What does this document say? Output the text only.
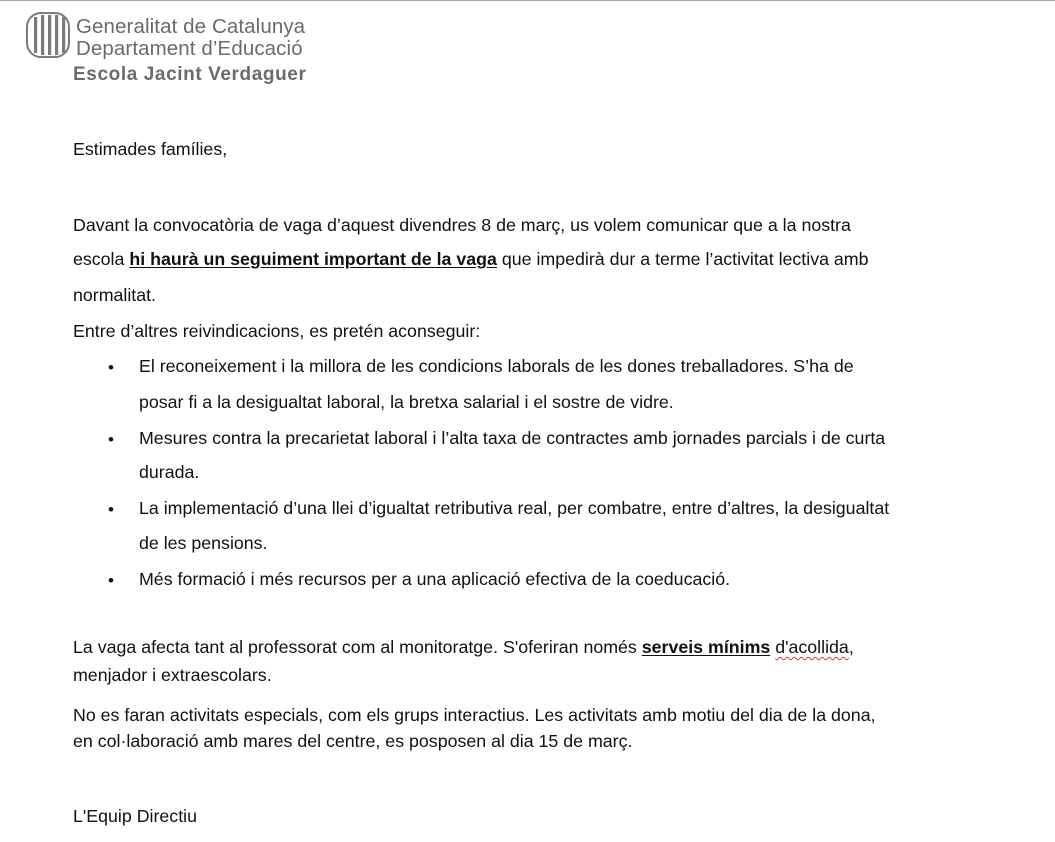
Generalitat de Catalunya
Departament d’Educació
Escola Jacint Verdaguer
Estimades famílies,
Davant la convocatòria de vaga d’aquest divendres 8 de març, us volem comunicar que a la nostra
escola hi haurà un seguiment important de la vaga que impedirà dur a terme l’activitat lectiva amb
normalitat.
Entre d’altres reivindicacions, es pretén aconseguir:
• El reconeixement i la millora de les condicions laborals de les dones treballadores. S’ha de
posar fi a la desigualtat laboral, la bretxa salarial i el sostre de vidre.
• Mesures contra la precarietat laboral i l’alta taxa de contractes amb jornades parcials i de curta
durada.
• La implementació d’una llei d’igualtat retributiva real, per combatre, entre d’altres, la desigualtat
de les pensions.
• Més formació i més recursos per a una aplicació efectiva de la coeducació.
La vaga afecta tant al professorat com al monitoratge. S'oferiran només serveis mínims d'acollida,
menjador i extraescolars.
No es faran activitats especials, com els grups interactius. Les activitats amb motiu del dia de la dona,
en col·laboració amb mares del centre, es posposen al dia 15 de març.
L'Equip Directiu
